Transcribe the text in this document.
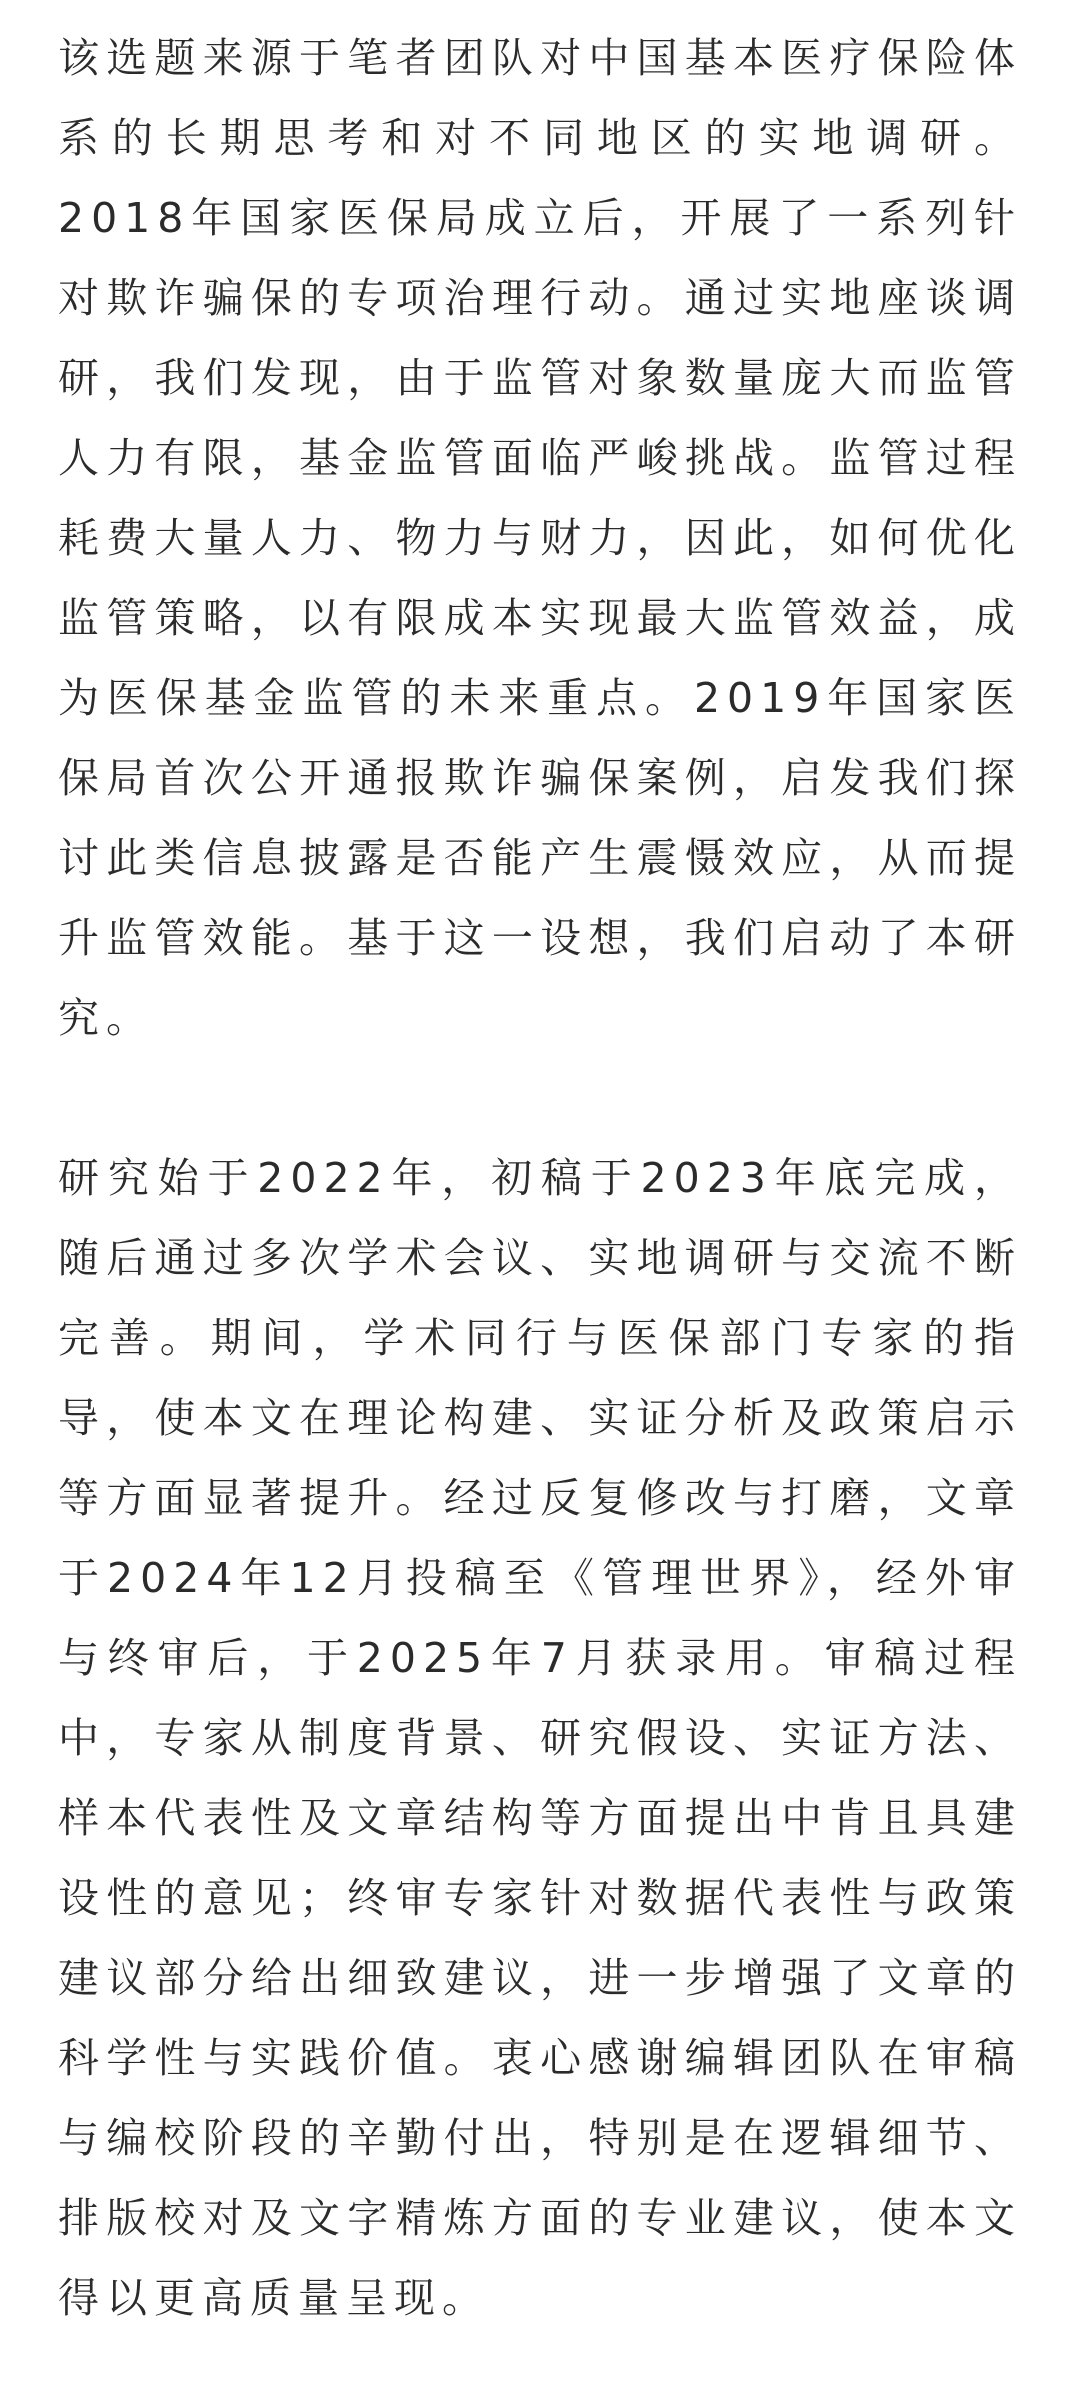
该选题来源于笔者团队对中国基本医疗保险体系的长期思考和对不同地区的实地调研。2018年国家医保局成立后，开展了一系列针对欺诈骗保的专项治理行动。通过实地座谈调研，我们发现，由于监管对象数量庞大而监管人力有限，基金监管面临严峻挑战。监管过程耗费大量人力、物力与财力，因此，如何优化监管策略，以有限成本实现最大监管效益，成为医保基金监管的未来重点。2019年国家医保局首次公开通报欺诈骗保案例，启发我们探讨此类信息披露是否能产生震慑效应，从而提升监管效能。基于这一设想，我们启动了本研究。

研究始于2022年，初稿于2023年底完成，随后通过多次学术会议、实地调研与交流不断完善。期间，学术同行与医保部门专家的指导，使本文在理论构建、实证分析及政策启示等方面显著提升。经过反复修改与打磨，文章于2024年12月投稿至《管理世界》，经外审与终审后，于2025年7月获录用。审稿过程中，专家从制度背景、研究假设、实证方法、样本代表性及文章结构等方面提出中肯且具建设性的意见；终审专家针对数据代表性与政策建议部分给出细致建议，进一步增强了文章的科学性与实践价值。衷心感谢编辑团队在审稿与编校阶段的辛勤付出，特别是在逻辑细节、排版校对及文字精炼方面的专业建议，使本文得以更高质量呈现。
